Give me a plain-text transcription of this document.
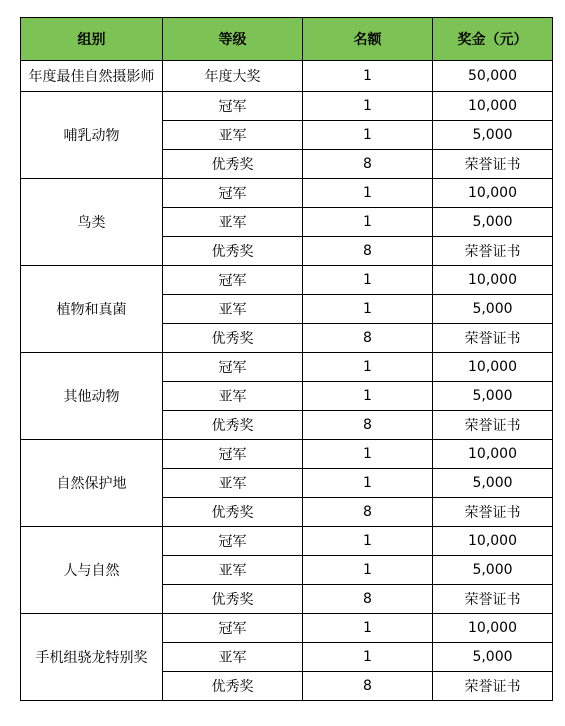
组别	等级	名额	奖金（元）
年度最佳自然摄影师	年度大奖	1	50,000
哺乳动物	冠军	1	10,000
	亚军	1	5,000
	优秀奖	8	荣誉证书
鸟类	冠军	1	10,000
	亚军	1	5,000
	优秀奖	8	荣誉证书
植物和真菌	冠军	1	10,000
	亚军	1	5,000
	优秀奖	8	荣誉证书
其他动物	冠军	1	10,000
	亚军	1	5,000
	优秀奖	8	荣誉证书
自然保护地	冠军	1	10,000
	亚军	1	5,000
	优秀奖	8	荣誉证书
人与自然	冠军	1	10,000
	亚军	1	5,000
	优秀奖	8	荣誉证书
手机组骁龙特别奖	冠军	1	10,000
	亚军	1	5,000
	优秀奖	8	荣誉证书
